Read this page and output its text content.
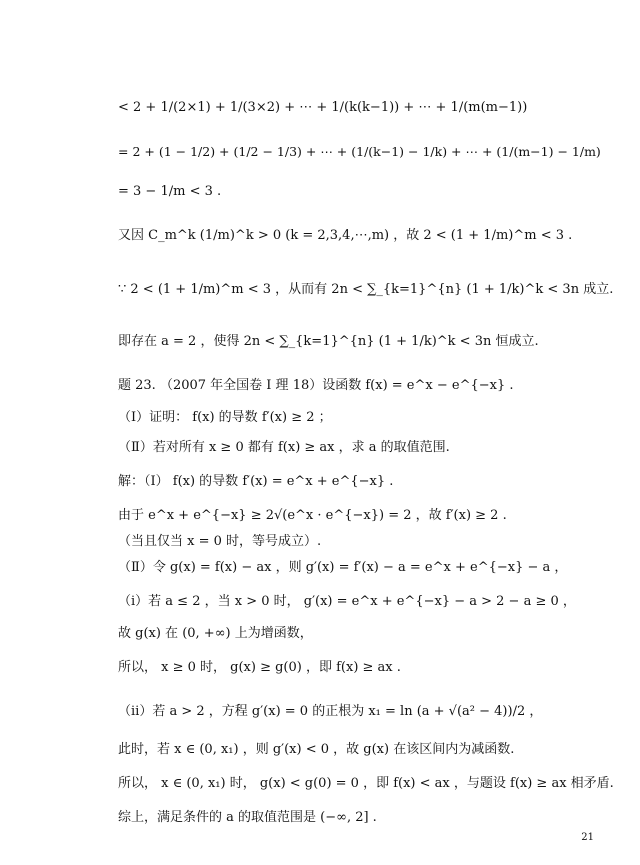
< 2 + 1/(2×1) + 1/(3×2) + ⋯ + 1/(k(k−1)) + ⋯ + 1/(m(m−1))
= 2 + (1 − 1/2) + (1/2 − 1/3) + ⋯ + (1/(k−1) − 1/k) + ⋯ + (1/(m−1) − 1/m)
= 3 − 1/m < 3 .
又因 C_m^k (1/m)^k > 0 (k = 2,3,4,⋯,m) ，故 2 < (1 + 1/m)^m < 3 .
∵ 2 < (1 + 1/m)^m < 3 ，从而有 2n < ∑_{k=1}^{n} (1 + 1/k)^k < 3n 成立.
即存在 a = 2 ，使得 2n < ∑_{k=1}^{n} (1 + 1/k)^k < 3n 恒成立.
题 23. （2007 年全国卷 I 理 18）设函数 f(x) = e^x − e^{−x} .
（Ⅰ）证明： f(x) 的导数 f′(x) ≥ 2 ；
（Ⅱ）若对所有 x ≥ 0 都有 f(x) ≥ ax ，求 a 的取值范围.
解：（Ⅰ） f(x) 的导数 f′(x) = e^x + e^{−x} .
由于 e^x + e^{−x} ≥ 2√(e^x · e^{−x}) = 2 ，故 f′(x) ≥ 2 .
（当且仅当 x = 0 时，等号成立）.
（Ⅱ）令 g(x) = f(x) − ax ，则 g′(x) = f′(x) − a = e^x + e^{−x} − a ，
（ⅰ）若 a ≤ 2 ，当 x > 0 时， g′(x) = e^x + e^{−x} − a > 2 − a ≥ 0 ，
故 g(x) 在 (0, +∞) 上为增函数，
所以， x ≥ 0 时， g(x) ≥ g(0) ，即 f(x) ≥ ax .
（ⅱ）若 a > 2 ，方程 g′(x) = 0 的正根为 x₁ = ln (a + √(a² − 4))/2 ，
此时，若 x ∈ (0, x₁) ，则 g′(x) < 0 ，故 g(x) 在该区间内为减函数.
所以， x ∈ (0, x₁) 时， g(x) < g(0) = 0 ，即 f(x) < ax ，与题设 f(x) ≥ ax 相矛盾.
综上，满足条件的 a 的取值范围是 (−∞, 2] .
21
